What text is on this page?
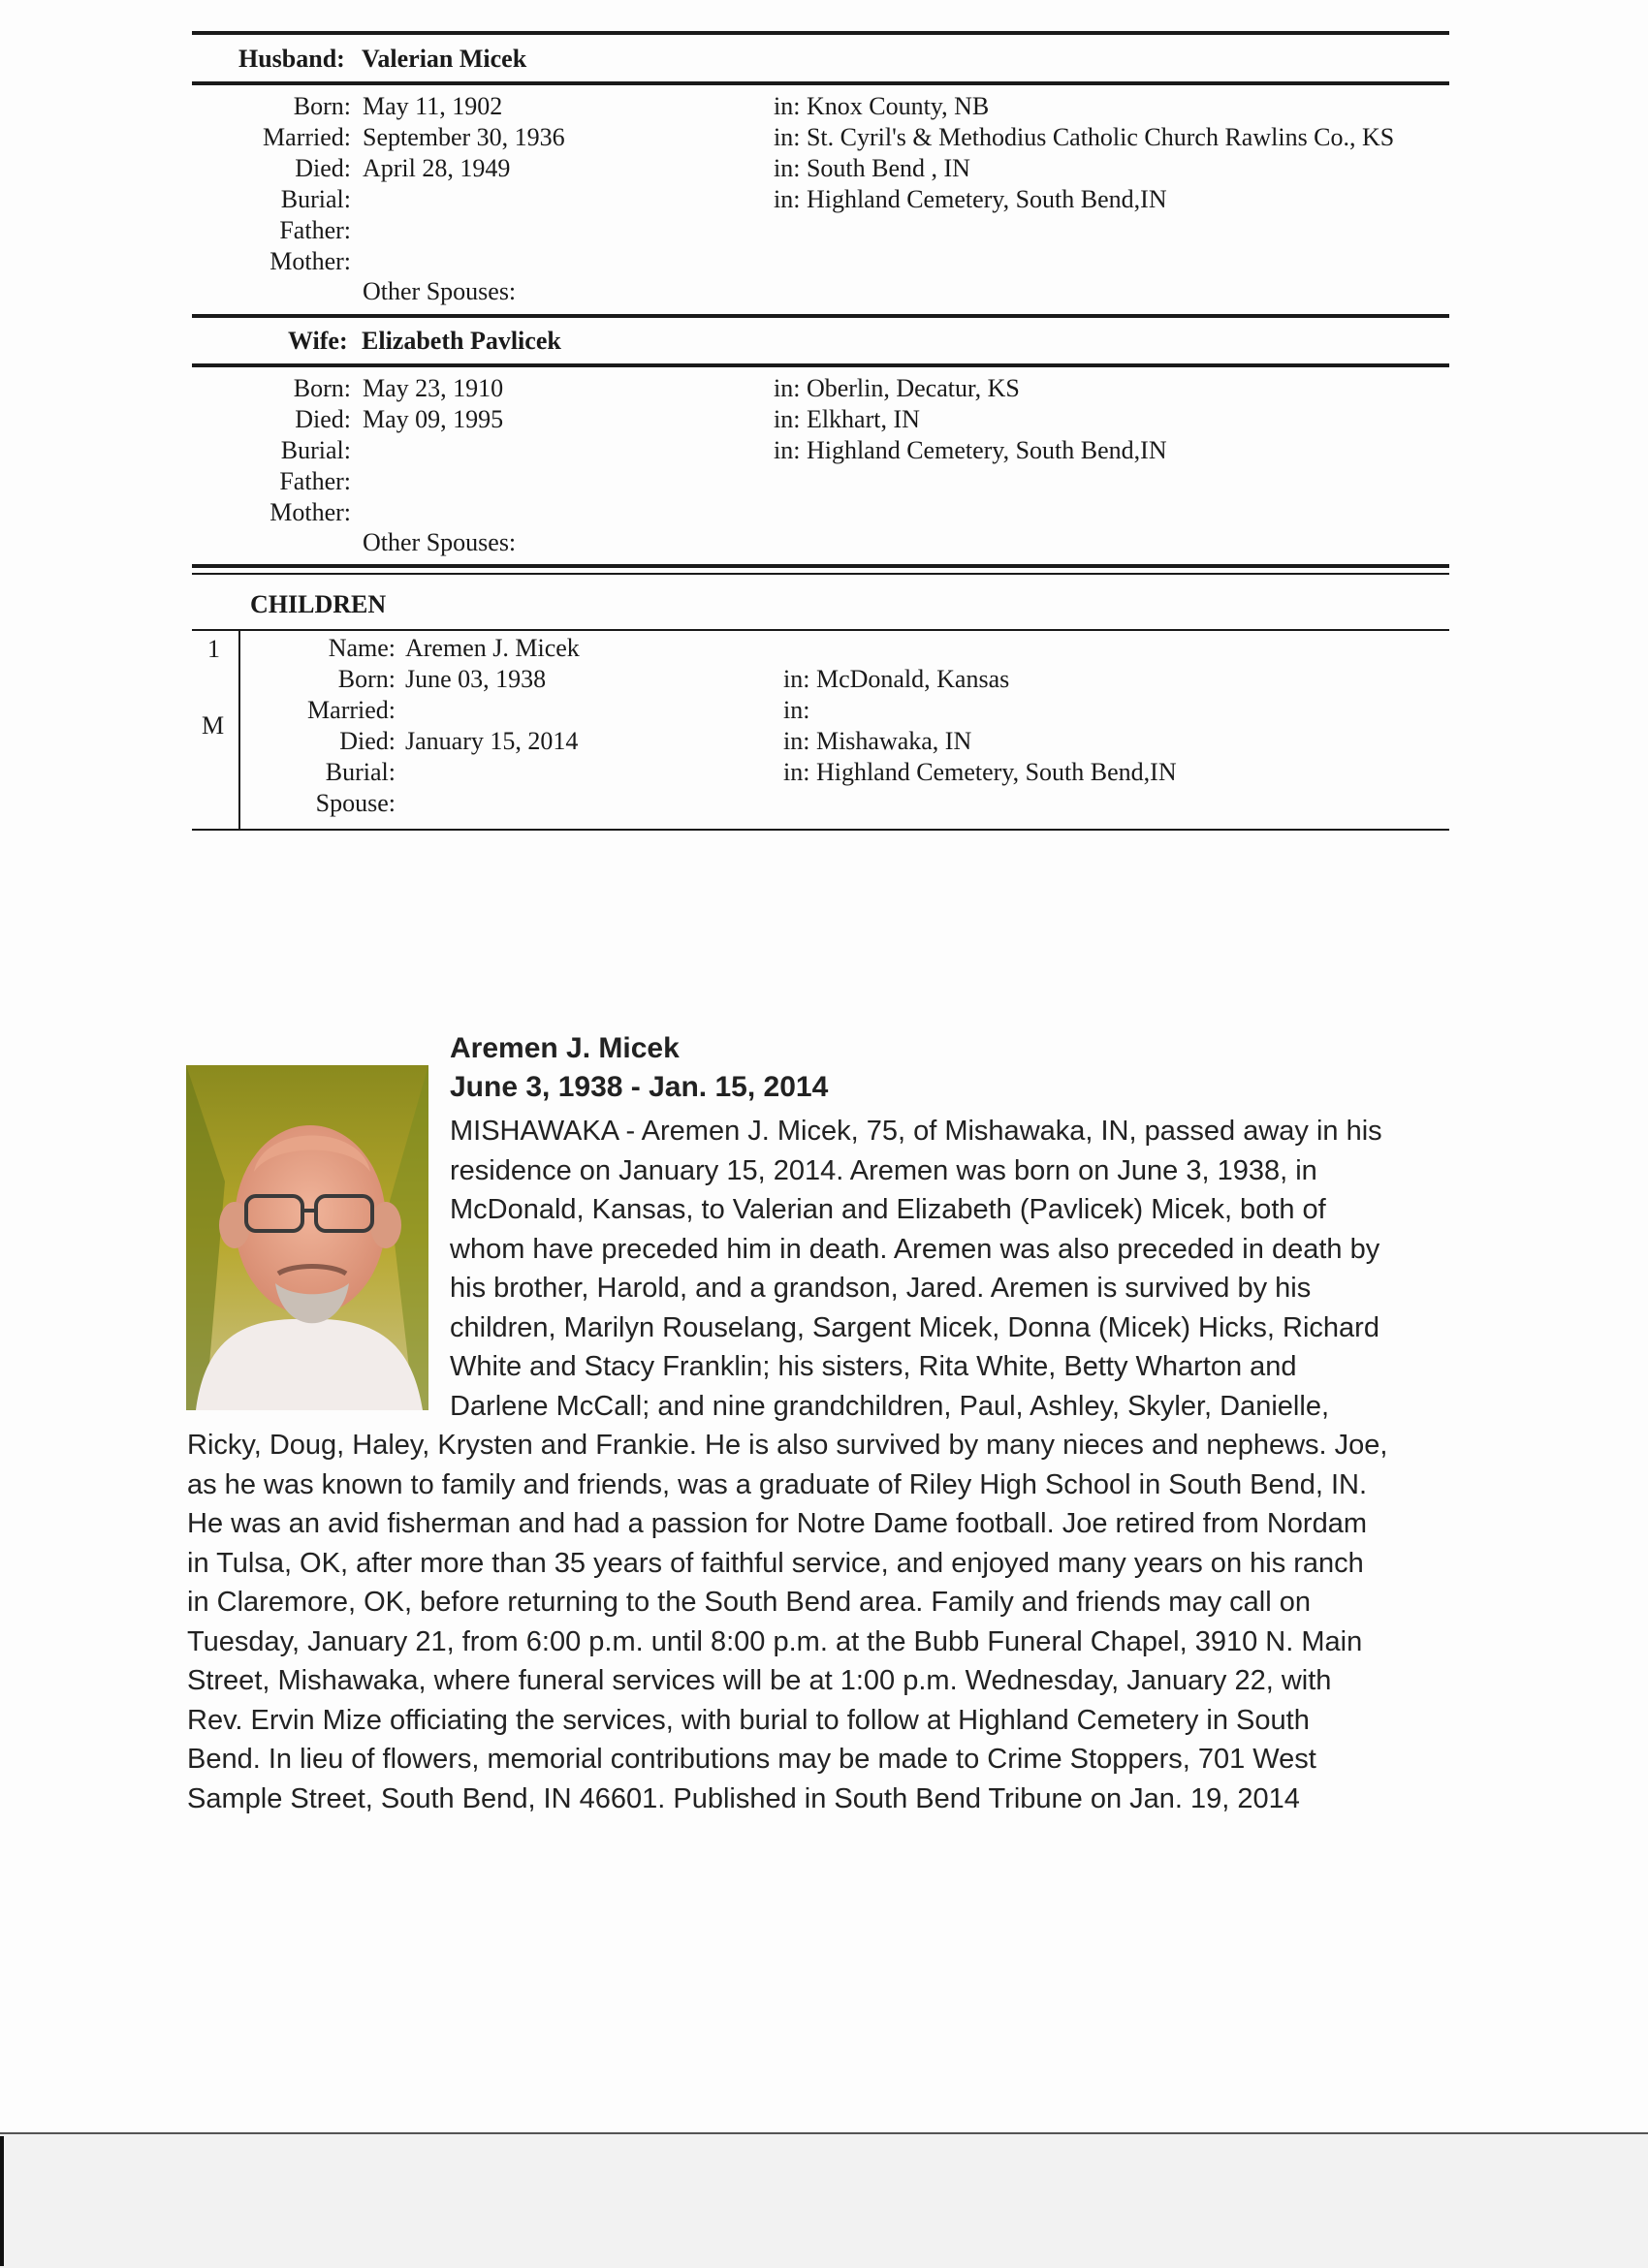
Husband: Valerian Micek
Born: May 11, 1902	in: Knox County, NB
Married: September 30, 1936	in: St. Cyril's & Methodius Catholic Church Rawlins Co., KS
Died: April 28, 1949	in: South Bend , IN
Burial:	in: Highland Cemetery, South Bend,IN
Father:
Mother:
Other Spouses:
Wife: Elizabeth Pavlicek
Born: May 23, 1910	in: Oberlin, Decatur, KS
Died: May 09, 1995	in: Elkhart, IN
Burial:	in: Highland Cemetery, South Bend,IN
Father:
Mother:
Other Spouses:
CHILDREN
1
M
Name: Aremen J. Micek
Born: June 03, 1938	in: McDonald, Kansas
Married:	in:
Died: January 15, 2014	in: Mishawaka, IN
Burial:	in: Highland Cemetery, South Bend,IN
Spouse:
Aremen J. Micek
June 3, 1938 - Jan. 15, 2014
MISHAWAKA - Aremen J. Micek, 75, of Mishawaka, IN, passed away in his
residence on January 15, 2014. Aremen was born on June 3, 1938, in
McDonald, Kansas, to Valerian and Elizabeth (Pavlicek) Micek, both of
whom have preceded him in death. Aremen was also preceded in death by
his brother, Harold, and a grandson, Jared. Aremen is survived by his
children, Marilyn Rouselang, Sargent Micek, Donna (Micek) Hicks, Richard
White and Stacy Franklin; his sisters, Rita White, Betty Wharton and
Darlene McCall; and nine grandchildren, Paul, Ashley, Skyler, Danielle,
Ricky, Doug, Haley, Krysten and Frankie. He is also survived by many nieces and nephews. Joe,
as he was known to family and friends, was a graduate of Riley High School in South Bend, IN.
He was an avid fisherman and had a passion for Notre Dame football. Joe retired from Nordam
in Tulsa, OK, after more than 35 years of faithful service, and enjoyed many years on his ranch
in Claremore, OK, before returning to the South Bend area. Family and friends may call on
Tuesday, January 21, from 6:00 p.m. until 8:00 p.m. at the Bubb Funeral Chapel, 3910 N. Main
Street, Mishawaka, where funeral services will be at 1:00 p.m. Wednesday, January 22, with
Rev. Ervin Mize officiating the services, with burial to follow at Highland Cemetery in South
Bend. In lieu of flowers, memorial contributions may be made to Crime Stoppers, 701 West
Sample Street, South Bend, IN 46601. Published in South Bend Tribune on Jan. 19, 2014
